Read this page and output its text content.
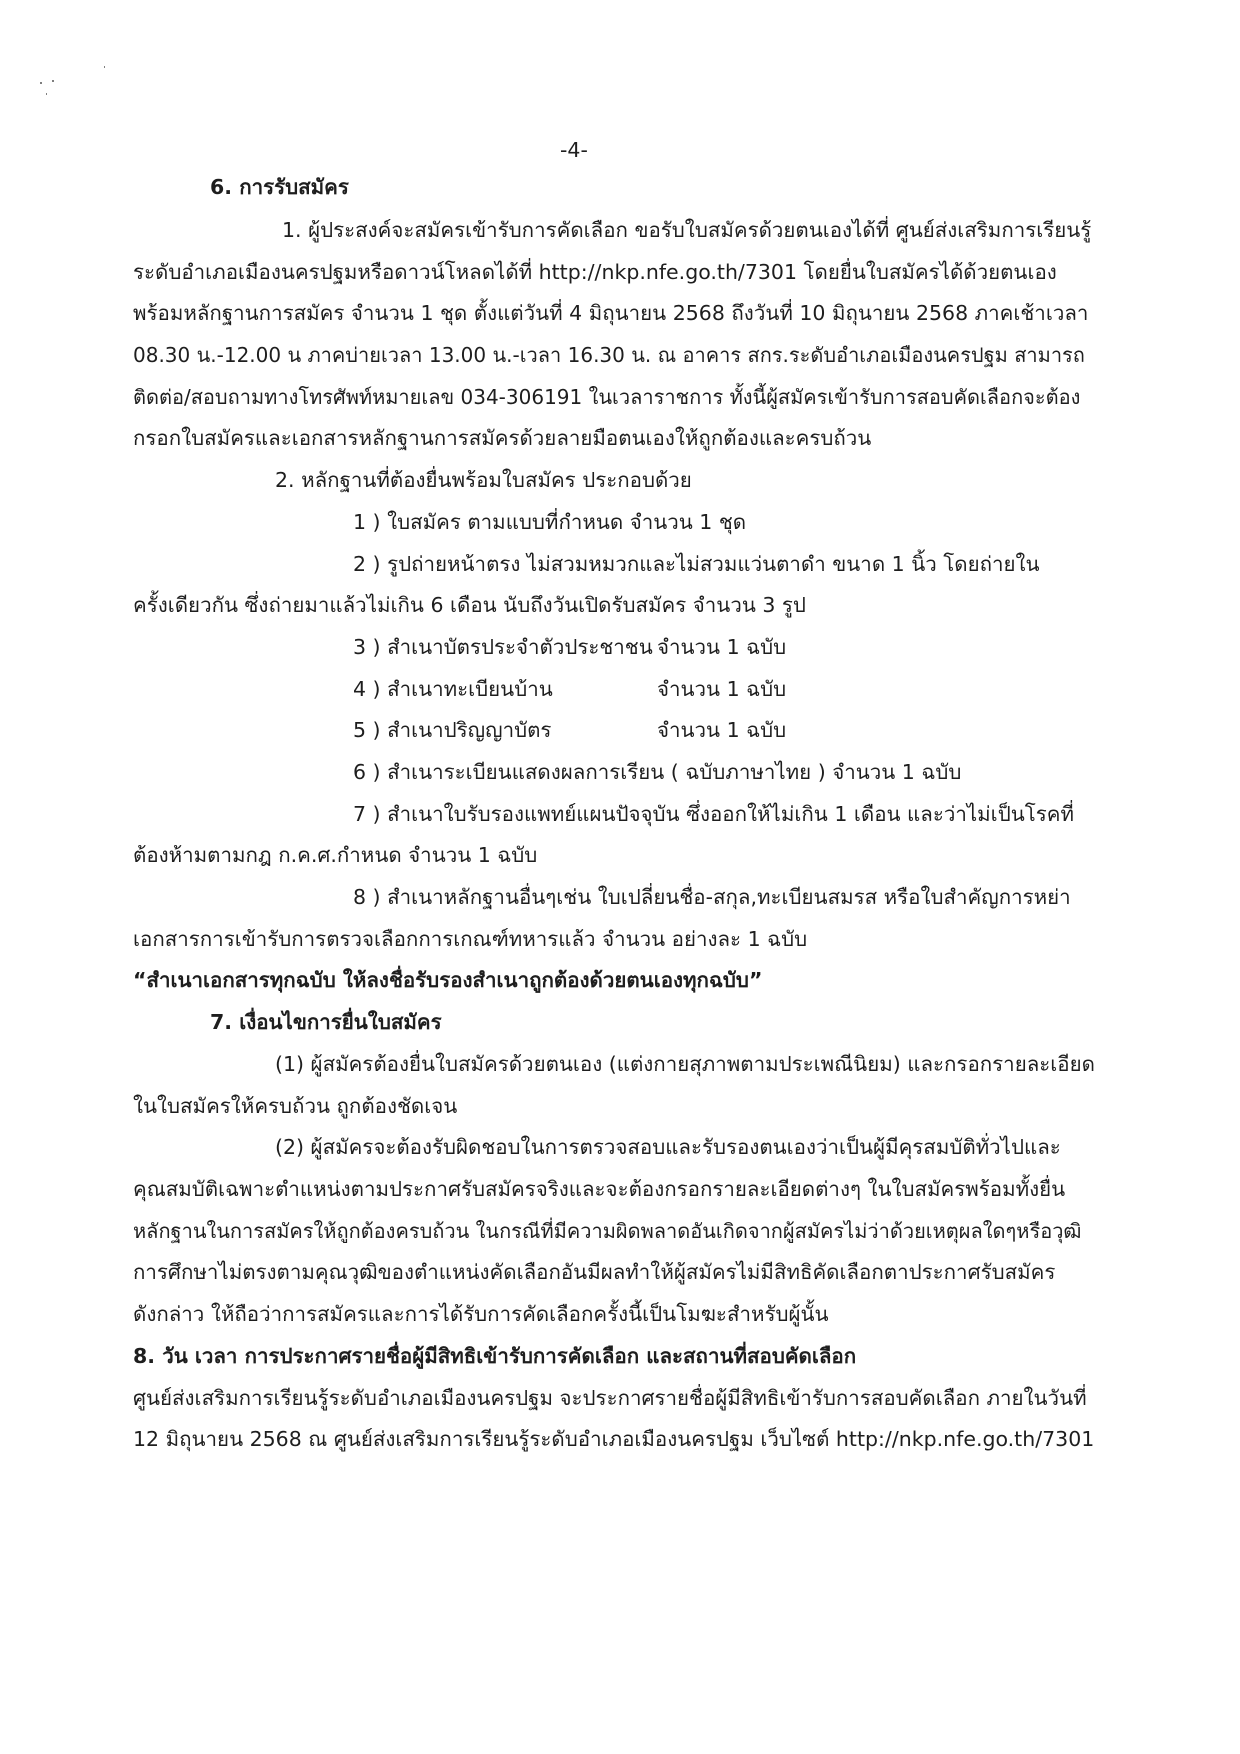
-4-
6. การรับสมัคร
1. ผู้ประสงค์จะสมัครเข้ารับการคัดเลือก ขอรับใบสมัครด้วยตนเองได้ที่ ศูนย์ส่งเสริมการเรียนรู้
ระดับอำเภอเมืองนครปฐมหรือดาวน์โหลดได้ที่ http://nkp.nfe.go.th/7301 โดยยื่นใบสมัครได้ด้วยตนเอง
พร้อมหลักฐานการสมัคร จำนวน 1 ชุด ตั้งแต่วันที่ 4 มิถุนายน 2568 ถึงวันที่ 10 มิถุนายน 2568 ภาคเช้าเวลา
08.30 น.-12.00 น ภาคบ่ายเวลา 13.00 น.-เวลา 16.30 น. ณ อาคาร สกร.ระดับอำเภอเมืองนครปฐม สามารถ
ติดต่อ/สอบถามทางโทรศัพท์หมายเลข 034-306191 ในเวลาราชการ ทั้งนี้ผู้สมัครเข้ารับการสอบคัดเลือกจะต้อง
กรอกใบสมัครและเอกสารหลักฐานการสมัครด้วยลายมือตนเองให้ถูกต้องและครบถ้วน
2. หลักฐานที่ต้องยื่นพร้อมใบสมัคร ประกอบด้วย
1 ) ใบสมัคร ตามแบบที่กำหนด จำนวน 1 ชุด
2 ) รูปถ่ายหน้าตรง ไม่สวมหมวกและไม่สวมแว่นตาดำ ขนาด 1 นิ้ว โดยถ่ายใน
ครั้งเดียวกัน ซึ่งถ่ายมาแล้วไม่เกิน 6 เดือน นับถึงวันเปิดรับสมัคร จำนวน 3 รูป
3 ) สำเนาบัตรประจำตัวประชาชน จำนวน 1 ฉบับ
4 ) สำเนาทะเบียนบ้าน	จำนวน 1 ฉบับ
5 ) สำเนาปริญญาบัตร	จำนวน 1 ฉบับ
6 ) สำเนาระเบียนแสดงผลการเรียน ( ฉบับภาษาไทย ) จำนวน 1 ฉบับ
7 ) สำเนาใบรับรองแพทย์แผนปัจจุบัน ซึ่งออกให้ไม่เกิน 1 เดือน และว่าไม่เป็นโรคที่
ต้องห้ามตามกฎ ก.ค.ศ.กำหนด จำนวน 1 ฉบับ
8 ) สำเนาหลักฐานอื่นๆเช่น ใบเปลี่ยนชื่อ-สกุล,ทะเบียนสมรส หรือใบสำคัญการหย่า
เอกสารการเข้ารับการตรวจเลือกการเกณฑ์ทหารแล้ว จำนวน อย่างละ 1 ฉบับ
“สำเนาเอกสารทุกฉบับ ให้ลงชื่อรับรองสำเนาถูกต้องด้วยตนเองทุกฉบับ”
7. เงื่อนไขการยื่นใบสมัคร
(1) ผู้สมัครต้องยื่นใบสมัครด้วยตนเอง (แต่งกายสุภาพตามประเพณีนิยม) และกรอกรายละเอียด
ในใบสมัครให้ครบถ้วน ถูกต้องชัดเจน
(2) ผู้สมัครจะต้องรับผิดชอบในการตรวจสอบและรับรองตนเองว่าเป็นผู้มีคุรสมบัติทั่วไปและ
คุณสมบัติเฉพาะตำแหน่งตามประกาศรับสมัครจริงและจะต้องกรอกรายละเอียดต่างๆ ในใบสมัครพร้อมทั้งยื่น
หลักฐานในการสมัครให้ถูกต้องครบถ้วน ในกรณีที่มีความผิดพลาดอันเกิดจากผู้สมัครไม่ว่าด้วยเหตุผลใดๆหรือวุฒิ
การศึกษาไม่ตรงตามคุณวุฒิของตำแหน่งคัดเลือกอันมีผลทำให้ผู้สมัครไม่มีสิทธิคัดเลือกตาประกาศรับสมัคร
ดังกล่าว ให้ถือว่าการสมัครและการได้รับการคัดเลือกครั้งนี้เป็นโมฆะสำหรับผู้นั้น
8. วัน เวลา การประกาศรายชื่อผู้มีสิทธิเข้ารับการคัดเลือก และสถานที่สอบคัดเลือก
ศูนย์ส่งเสริมการเรียนรู้ระดับอำเภอเมืองนครปฐม จะประกาศรายชื่อผู้มีสิทธิเข้ารับการสอบคัดเลือก ภายในวันที่
12 มิถุนายน 2568 ณ ศูนย์ส่งเสริมการเรียนรู้ระดับอำเภอเมืองนครปฐม เว็บไซต์ http://nkp.nfe.go.th/7301
